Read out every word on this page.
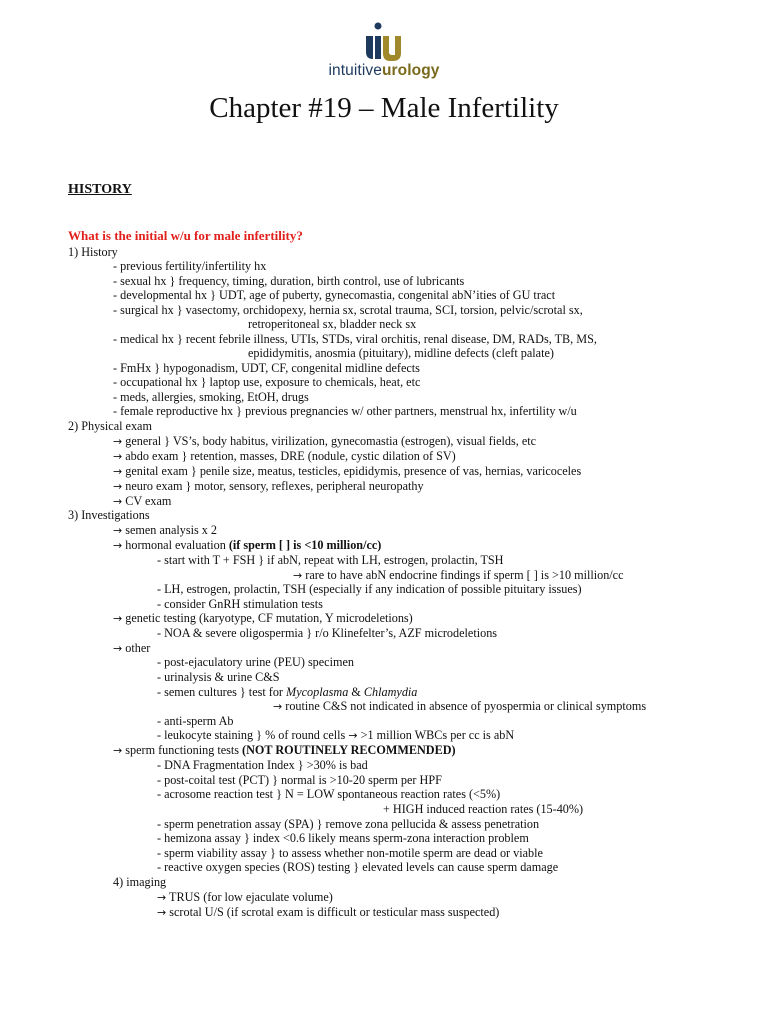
intuitiveurology
Chapter #19 – Male Infertility
HISTORY
What is the initial w/u for male infertility?
1) History
- previous fertility/infertility hx
- sexual hx } frequency, timing, duration, birth control, use of lubricants
- developmental hx } UDT, age of puberty, gynecomastia, congenital abN’ities of GU tract
- surgical hx } vasectomy, orchidopexy, hernia sx, scrotal trauma, SCI, torsion, pelvic/scrotal sx,
retroperitoneal sx, bladder neck sx
- medical hx } recent febrile illness, UTIs, STDs, viral orchitis, renal disease, DM, RADs, TB, MS,
epididymitis, anosmia (pituitary), midline defects (cleft palate)
- FmHx } hypogonadism, UDT, CF, congenital midline defects
- occupational hx } laptop use, exposure to chemicals, heat, etc
- meds, allergies, smoking, EtOH, drugs
- female reproductive hx } previous pregnancies w/ other partners, menstrual hx, infertility w/u
2) Physical exam
→ general } VS’s, body habitus, virilization, gynecomastia (estrogen), visual fields, etc
→ abdo exam } retention, masses, DRE (nodule, cystic dilation of SV)
→ genital exam } penile size, meatus, testicles, epididymis, presence of vas, hernias, varicoceles
→ neuro exam } motor, sensory, reflexes, peripheral neuropathy
→ CV exam
3) Investigations
→ semen analysis x 2
→ hormonal evaluation (if sperm [ ] is <10 million/cc)
- start with T + FSH } if abN, repeat with LH, estrogen, prolactin, TSH
→ rare to have abN endocrine findings if sperm [ ] is >10 million/cc
- LH, estrogen, prolactin, TSH (especially if any indication of possible pituitary issues)
- consider GnRH stimulation tests
→ genetic testing (karyotype, CF mutation, Y microdeletions)
- NOA & severe oligospermia } r/o Klinefelter’s, AZF microdeletions
→ other
- post-ejaculatory urine (PEU) specimen
- urinalysis & urine C&S
- semen cultures } test for Mycoplasma & Chlamydia
→ routine C&S not indicated in absence of pyospermia or clinical symptoms
- anti-sperm Ab
- leukocyte staining } % of round cells → >1 million WBCs per cc is abN
→ sperm functioning tests (NOT ROUTINELY RECOMMENDED)
- DNA Fragmentation Index } >30% is bad
- post-coital test (PCT) } normal is >10-20 sperm per HPF
- acrosome reaction test } N = LOW spontaneous reaction rates (<5%)
+ HIGH induced reaction rates (15-40%)
- sperm penetration assay (SPA) } remove zona pellucida & assess penetration
- hemizona assay } index <0.6 likely means sperm-zona interaction problem
- sperm viability assay } to assess whether non-motile sperm are dead or viable
- reactive oxygen species (ROS) testing } elevated levels can cause sperm damage
4) imaging
→ TRUS (for low ejaculate volume)
→ scrotal U/S (if scrotal exam is difficult or testicular mass suspected)
